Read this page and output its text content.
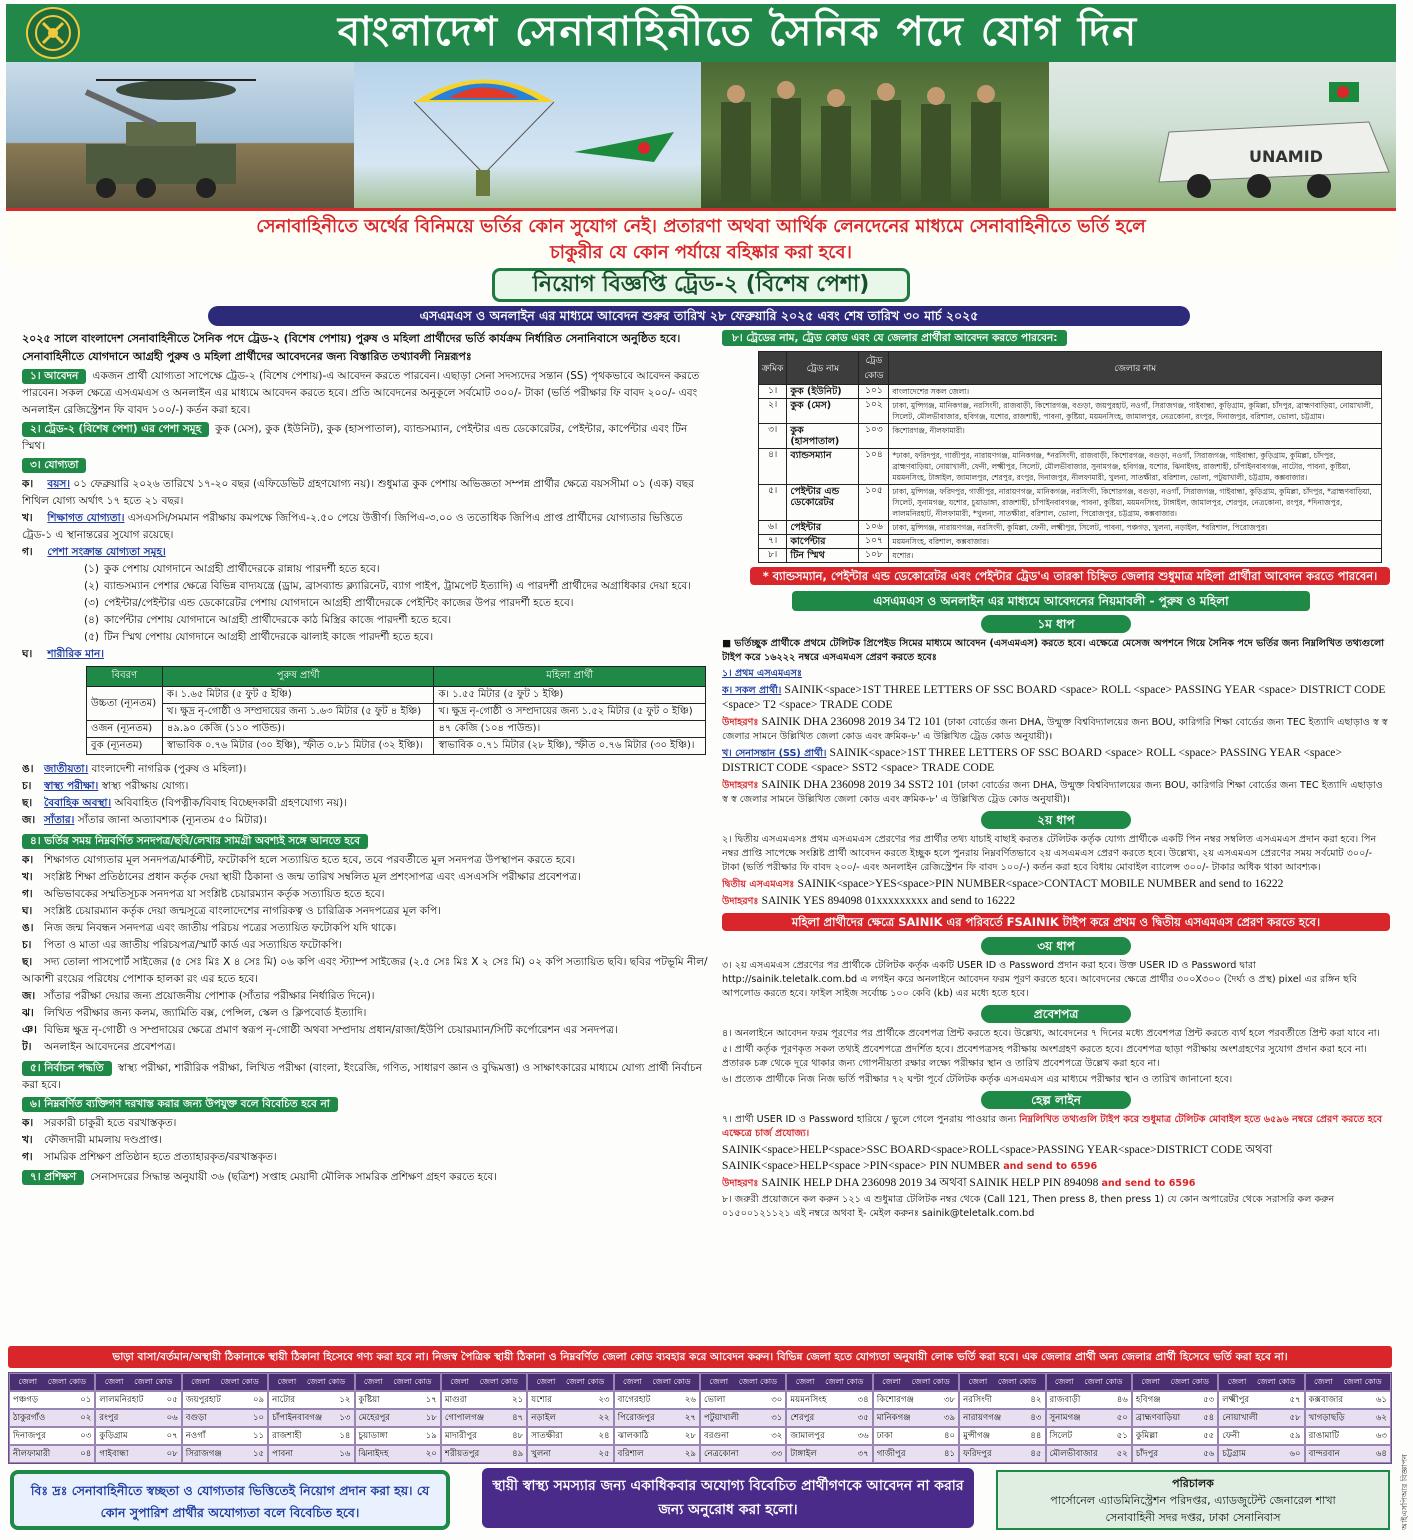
বাংলাদেশ সেনাবাহিনীতে সৈনিক পদে যোগ দিন
UNAMID
সেনাবাহিনীতে অর্থের বিনিময়ে ভর্তির কোন সুযোগ নেই। প্রতারণা অথবা আর্থিক লেনদেনের মাধ্যমে সেনাবাহিনীতে ভর্তি হলে
চাকুরীর যে কোন পর্যায়ে বহিষ্কার করা হবে।
নিয়োগ বিজ্ঞপ্তি ট্রেড-২ (বিশেষ পেশা)
এসএমএস ও অনলাইন এর মাধ্যমে আবেদন শুরুর তারিখ ২৮ ফেব্রুয়ারি ২০২৫ এবং শেষ তারিখ ৩০ মার্চ ২০২৫
২০২৫ সালে বাংলাদেশ সেনাবাহিনীতে সৈনিক পদে ট্রেড-২ (বিশেষ পেশায়) পুরুষ ও মহিলা প্রার্থীদের ভর্তি কার্যক্রম নির্ধারিত সেনানিবাসে অনুষ্ঠিত হবে। সেনাবাহিনীতে যোগদানে আগ্রহী পুরুষ ও মহিলা প্রার্থীদের আবেদনের জন্য বিস্তারিত তথ্যাবলী নিম্নরূপঃ
১। আবেদন একজন প্রার্থী যোগ্যতা সাপেক্ষে ট্রেড-২ (বিশেষ পেশায়)-এ আবেদন করতে পারবেন। এছাড়া সেনা সদস্যদের সন্তান (SS) পৃথকভাবে আবেদন করতে পারবেন। সকল ক্ষেত্রে এসএমএস ও অনলাইন এর মাধ্যমে আবেদন করতে হবে। প্রতি আবেদনের অনুকূলে সর্বমোট ৩০০/- টাকা (ভর্তি পরীক্ষার ফি বাবদ ২০০/- এবং অনলাইন রেজিস্ট্রেশন ফি বাবদ ১০০/-) কর্তন করা হবে।
২। ট্রেড-২ (বিশেষ পেশা) এর পেশা সমূহ কুক (মেস), কুক (ইউনিট), কুক (হাসপাতাল), ব্যান্ডসম্যান, পেইন্টার এন্ড ডেকোরেটর, পেইন্টার, কার্পেন্টার এবং টিন স্মিথ।
৩। যোগ্যতা
ক। বয়স। ০১ ফেব্রুয়ারি ২০২৬ তারিখে ১৭-২০ বছর (এফিডেভিট গ্রহণযোগ্য নয়)। শুধুমাত্র কুক পেশায় অভিজ্ঞতা সম্পন্ন প্রার্থীর ক্ষেত্রে বয়সসীমা ০১ (এক) বছর শিথিল যোগ্য অর্থাৎ ১৭ হতে ২১ বছর।
খ। শিক্ষাগত যোগ্যতা। এসএসসি/সমমান পরীক্ষায় কমপক্ষে জিপিএ-২.৫০ পেয়ে উত্তীর্ণ। জিপিএ-৩.০০ ও ততোধিক জিপিএ প্রাপ্ত প্রার্থীদের যোগ্যতার ভিত্তিতে ট্রেড-১ এ স্থানান্তরের সুযোগ রয়েছে।
গ। পেশা সংক্রান্ত যোগ্যতা সমূহ।
(১) কুক পেশায় যোগদানে আগ্রহী প্রার্থীদেরকে রান্নায় পারদর্শী হতে হবে।
(২) ব্যান্ডসম্যান পেশার ক্ষেত্রে বিভিন্ন বাদ্যযন্ত্রে (ড্রাম, ব্রাসব্যান্ড ক্ল্যারিনেট, ব্যাগ পাইপ, ট্রামপেট ইত্যাদি) এ পারদর্শী প্রার্থীদের অগ্রাধিকার দেয়া হবে।
(৩) পেইন্টার/পেইন্টার এন্ড ডেকোরেটর পেশায় যোগদানে আগ্রহী প্রার্থীদেরকে পেইন্টিং কাজের উপর পারদর্শী হতে হবে।
(৪) কার্পেন্টার পেশায় যোগদানে আগ্রহী প্রার্থীদেরকে কাঠ মিস্ত্রির কাজে পারদর্শী হতে হবে।
(৫) টিন স্মিথ পেশায় যোগদানে আগ্রহী প্রার্থীদেরকে ঝালাই কাজে পারদর্শী হতে হবে।
ঘ। শারীরিক মান।
বিবরণ	পুরুষ প্রার্থী	মহিলা প্রার্থী
উচ্চতা (ন্যূনতম)	ক। ১.৬৫ মিটার (৫ ফুট ৫ ইঞ্চি)	ক। ১.৫৫ মিটার (৫ ফুট ১ ইঞ্চি)
	খ। ক্ষুদ্র নৃ-গোষ্ঠী ও সম্প্রদায়ের জন্য ১.৬৩ মিটার (৫ ফুট ৪ ইঞ্চি)	খ। ক্ষুদ্র নৃ-গোষ্ঠী ও সম্প্রদায়ের জন্য ১.৫২ মিটার (৫ ফুট ০ ইঞ্চি)
ওজন (ন্যূনতম)	৪৯.৯০ কেজি (১১০ পাউন্ড)।	৪৭ কেজি (১০৪ পাউন্ড)।
বুক (ন্যূনতম)	স্বাভাবিক ০.৭৬ মিটার (৩০ ইঞ্চি), স্ফীত ০.৮১ মিটার (৩২ ইঞ্চি)।	স্বাভাবিক ০.৭১ মিটার (২৮ ইঞ্চি), স্ফীত ০.৭৬ মিটার (৩০ ইঞ্চি)।
ঙ। জাতীয়তা। বাংলাদেশী নাগরিক (পুরুষ ও মহিলা)।
চ। স্বাস্থ্য পরীক্ষা। স্বাস্থ্য পরীক্ষায় যোগ্য।
ছ। বৈবাহিক অবস্থা। অবিবাহিত (বিপত্নীক/বিবাহ বিচ্ছেদকারী গ্রহণযোগ্য নয়)।
জ। সাঁতার। সাঁতার জানা অত্যাবশ্যক (ন্যূনতম ৫০ মিটার)।
৪। ভর্তির সময় নিম্নবর্ণিত সনদপত্র/ছবি/লেখার সামগ্রী অবশ্যই সঙ্গে আনতে হবে
ক। শিক্ষাগত যোগ্যতার মূল সনদপত্র/মার্কশীট, ফটোকপি হলে সত্যায়িত হতে হবে, তবে পরবর্তীতে মূল সনদপত্র উপস্থাপন করতে হবে।
খ। সংশ্লিষ্ট শিক্ষা প্রতিষ্ঠানের প্রধান কর্তৃক দেয়া স্থায়ী ঠিকানা ও জন্ম তারিখ সম্বলিত মূল প্রশংসাপত্র এবং এসএসসি পরীক্ষার প্রবেশপত্র।
গ। অভিভাবকের সম্মতিসূচক সনদপত্র যা সংশ্লিষ্ট চেয়ারম্যান কর্তৃক সত্যায়িত হতে হবে।
ঘ। সংশ্লিষ্ট চেয়ারম্যান কর্তৃক দেয়া জন্মসূত্রে বাংলাদেশের নাগরিকত্ব ও চারিত্রিক সনদপত্রের মূল কপি।
ঙ। নিজ জন্ম নিবন্ধন সনদপত্র এবং জাতীয় পরিচয় পত্রের সত্যায়িত ফটোকপি যদি থাকে।
চ। পিতা ও মাতা এর জাতীয় পরিচয়পত্র/স্মার্ট কার্ড এর সত্যায়িত ফটোকপি।
ছ। সদ্য তোলা পাসপোর্ট সাইজের (৫ সেঃ মিঃ X ৪ সেঃ মি) ০৬ কপি এবং স্ট্যাম্প সাইজের (২.৫ সেঃ মিঃ X ২ সেঃ মি) ০২ কপি সত্যায়িত ছবি। ছবির পটভূমি নীল/আকাশী রংয়ের পরিধেয় পোশাক হালকা রং এর হতে হবে।
জ। সাঁতার পরীক্ষা দেয়ার জন্য প্রয়োজনীয় পোশাক (সাঁতার পরীক্ষার নির্ধারিত দিনে)।
ঝ। লিখিত পরীক্ষার জন্য কলম, জ্যামিতি বক্স, পেন্সিল, স্কেল ও ক্লিপবোর্ড ইত্যাদি।
ঞ। বিভিন্ন ক্ষুদ্র নৃ-গোষ্ঠী ও সম্প্রদায়ের ক্ষেত্রে প্রমাণ স্বরূপ নৃ-গোষ্ঠী অথবা সম্প্রদায় প্রধান/রাজা/ইউপি চেয়ারম্যান/সিটি কর্পোরেশন এর সনদপত্র।
ট। অনলাইন আবেদনের প্রবেশপত্র।
৫। নির্বাচন পদ্ধতি স্বাস্থ্য পরীক্ষা, শারীরিক পরীক্ষা, লিখিত পরীক্ষা (বাংলা, ইংরেজি, গণিত, সাধারণ জ্ঞান ও বুদ্ধিমত্তা) ও সাক্ষাৎকারের মাধ্যমে যোগ্য প্রার্থী নির্বাচন করা হবে।
৬। নিম্নবর্ণিত ব্যক্তিগণ দরখাস্ত করার জন্য উপযুক্ত বলে বিবেচিত হবে না
ক। সরকারী চাকুরী হতে বরখাস্তকৃত।
খ। ফৌজদারী মামলায় দণ্ডপ্রাপ্ত।
গ। সামরিক প্রশিক্ষণ প্রতিষ্ঠান হতে প্রত্যাহারকৃত/বরখাস্তকৃত।
৭। প্রশিক্ষণ সেনাসদরের সিদ্ধান্ত অনুযায়ী ৩৬ (ছত্রিশ) সপ্তাহ মেয়াদী মৌলিক সামরিক প্রশিক্ষণ গ্রহণ করতে হবে।
৮। ট্রেডের নাম, ট্রেড কোড এবং যে জেলার প্রার্থীরা আবেদন করতে পারবেন:
ক্রমিক	ট্রেড নাম	ট্রেড কোড	জেলার নাম
১।	কুক (ইউনিট)	১০১	বাংলাদেশের সকল জেলা।
২।	কুক (মেস)	১০২	ঢাকা, মুন্সিগঞ্জ, মানিকগঞ্জ, নরসিংদী, রাজবাড়ী, কিশোরগঞ্জ, বগুড়া, জয়পুরহাট, নওগাঁ, সিরাজগঞ্জ, গাইবান্ধা, কুড়িগ্রাম, কুমিল্লা, চাঁদপুর, ব্রাহ্মণবাড়িয়া, নোয়াখালী, সিলেট, মৌলভীবাজার, হবিগঞ্জ, যশোর, রাজশাহী, পাবনা, কুষ্টিয়া, ময়মনসিংহ, জামালপুর, নেত্রকোনা, রংপুর, দিনাজপুর, বরিশাল, ভোলা, চট্টগ্রাম।
৩।	কুক (হাসপাতাল)	১০৩	কিশোরগঞ্জ, নীলফামারী।
৪।	ব্যান্ডসম্যান	১০৪	*ঢাকা, ফরিদপুর, গাজীপুর, নারায়ণগঞ্জ, মানিকগঞ্জ, *নরসিংদী, রাজবাড়ী, কিশোরগঞ্জ, বগুড়া, নওগাঁ, সিরাজগঞ্জ, গাইবান্ধা, কুড়িগ্রাম, কুমিল্লা, চাঁদপুর, ব্রাহ্মণবাড়িয়া, নোয়াখালী, ফেনী, লক্ষ্মীপুর, সিলেট, মৌলভীবাজার, সুনামগঞ্জ, হবিগঞ্জ, যশোর, ঝিনাইদহ, রাজশাহী, চাঁপাইনবাবগঞ্জ, নাটোর, পাবনা, কুষ্টিয়া, ময়মনসিংহ, টাঙ্গাইল, জামালপুর, শেরপুর, রংপুর, দিনাজপুর, নীলফামারী, খুলনা, সাতক্ষীরা, বরিশাল, ভোলা, পটুয়াখালী, চট্টগ্রাম, কক্সবাজার।
৫।	পেইন্টার এন্ড ডেকোরেটর	১০৫	ঢাকা, মুন্সিগঞ্জ, ফরিদপুর, গাজীপুর, নারায়ণগঞ্জ, মানিকগঞ্জ, নরসিংদী, কিশোরগঞ্জ, বগুড়া, নওগাঁ, সিরাজগঞ্জ, গাইবান্ধা, কুড়িগ্রাম, কুমিল্লা, চাঁদপুর, *ব্রাহ্মণবাড়িয়া, সিলেট, সুনামগঞ্জ, যশোর, চুয়াডাঙ্গা, রাজশাহী, চাঁপাইনবাবগঞ্জ, পাবনা, কুষ্টিয়া, ময়মনসিংহ, টাঙ্গাইল, জামালপুর, শেরপুর, নেত্রকোনা, রংপুর, *দিনাজপুর, লালমনিরহাট, নীলফামারী, *খুলনা, সাতক্ষীরা, বরিশাল, ভোলা, পিরোজপুর, চট্টগ্রাম, কক্সবাজার।
৬।	পেইন্টার	১০৬	ঢাকা, মুন্সিগঞ্জ, নারায়ণগঞ্জ, নরসিংদী, কুমিল্লা, ফেনী, লক্ষ্মীপুর, সিলেট, পাবনা, পঞ্চগড়, খুলনা, নড়াইল, *বরিশাল, পিরোজপুর।
৭।	কার্পেন্টার	১০৭	ময়মনসিংহ, বরিশাল, কক্সবাজার।
৮।	টিন স্মিথ	১০৮	যশোর।
* ব্যান্ডসম্যান, পেইন্টার এন্ড ডেকোরেটর এবং পেইন্টার ট্রেড'এ তারকা চিহ্নিত জেলার শুধুমাত্র মহিলা প্রার্থীরা আবেদন করতে পারবেন।
এসএমএস ও অনলাইন এর মাধ্যমে আবেদনের নিয়মাবলী - পুরুষ ও মহিলা
১ম ধাপ
■ ভর্তিচ্ছুক প্রার্থীকে প্রথমে টেলিটক প্রিপেইড সিমের মাধ্যমে আবেদন (এসএমএস) করতে হবে। এক্ষেত্রে মেসেজ অপশনে গিয়ে সৈনিক পদে ভর্তির জন্য নিম্নলিখিত তথ্যগুলো টাইপ করে ১৬২২২ নম্বরে এসএমএস প্রেরণ করতে হবেঃ
১। প্রথম এসএমএসঃ
ক। সকল প্রার্থী। SAINIK<space>1ST THREE LETTERS OF SSC BOARD <space> ROLL <space> PASSING YEAR <space> DISTRICT CODE <space> T2 <space> TRADE CODE
উদাহরণঃ SAINIK DHA 236098 2019 34 T2 101 (ঢাকা বোর্ডের জন্য DHA, উন্মুক্ত বিশ্ববিদ্যালয়ের জন্য BOU, কারিগরি শিক্ষা বোর্ডের জন্য TEC ইত্যাদি এছাড়াও স্ব স্ব জেলার সামনে উল্লিখিত জেলা কোড এবং ক্রমিক-৮' এ উল্লিখিত ট্রেড কোড অনুযায়ী)।
খ। সেনাসন্তান (SS) প্রার্থী। SAINIK<space>1ST THREE LETTERS OF SSC BOARD <space> ROLL <space> PASSING YEAR <space> DISTRICT CODE <space> SST2 <space> TRADE CODE
উদাহরণঃ SAINIK DHA 236098 2019 34 SST2 101 (ঢাকা বোর্ডের জন্য DHA, উন্মুক্ত বিশ্ববিদ্যালয়ের জন্য BOU, কারিগরি শিক্ষা বোর্ডের জন্য TEC ইত্যাদি এছাড়াও স্ব স্ব জেলার সামনে উল্লিখিত জেলা কোড এবং ক্রমিক-৮' এ উল্লিখিত ট্রেড কোড অনুযায়ী)।
২য় ধাপ
২। দ্বিতীয় এসএমএসঃ প্রথম এসএমএস প্রেরণের পর প্রার্থীর তথ্য যাচাই বাছাই করতঃ টেলিটক কর্তৃক যোগ্য প্রার্থীকে একটি পিন নম্বর সম্বলিত এসএমএস প্রদান করা হবে। পিন নম্বর প্রাপ্তি সাপেক্ষে সংশ্লিষ্ট প্রার্থী আবেদন করতে ইচ্ছুক হলে পুনরায় নিম্নবর্ণিতভাবে ২য় এসএমএস প্রেরণ করতে হবে। উল্লেখ্য, ২য় এসএমএস প্রেরণের সময় সর্বমোট ৩০০/- টাকা (ভর্তি পরীক্ষার ফি বাবদ ২০০/- এবং অনলাইন রেজিস্ট্রেশন ফি বাবদ ১০০/-) কর্তন করা হবে বিধায় মোবাইল ব্যালেন্স ৩০০/- টাকার অধিক থাকা আবশ্যক।
দ্বিতীয় এসএমএসঃ SAINIK<space>YES<space>PIN NUMBER<space>CONTACT MOBILE NUMBER and send to 16222
উদাহরণঃ SAINIK YES 894098 01xxxxxxxxx and send to 16222
মহিলা প্রার্থীদের ক্ষেত্রে SAINIK এর পরিবর্তে FSAINIK টাইপ করে প্রথম ও দ্বিতীয় এসএমএস প্রেরণ করতে হবে।
৩য় ধাপ
৩। ২য় এসএমএস প্রেরণের পর প্রার্থীকে টেলিটক কর্তৃক একটি USER ID ও Password প্রদান করা হবে। উক্ত USER ID ও Password দ্বারা http://sainik.teletalk.com.bd এ লগইন করে অনলাইনে আবেদন ফরম পূরণ করতে হবে। আবেদনের ক্ষেত্রে প্রার্থীর ৩০০X৩০০ (দৈর্ঘ্য ও প্রস্থ) pixel এর রঙ্গিন ছবি আপলোড করতে হবে। ফাইল সাইজ সর্বোচ্চ ১০০ কেবি (kb) এর মধ্যে হতে হবে।
প্রবেশপত্র
৪। অনলাইনে আবেদন ফরম পূরণের পর প্রার্থীকে প্রবেশপত্র প্রিন্ট করতে হবে। উল্লেখ্য, আবেদনের ৭ দিনের মধ্যে প্রবেশপত্র প্রিন্ট করতে ব্যর্থ হলে পরবর্তীতে প্রিন্ট করা যাবে না।
৫। প্রার্থী কর্তৃক পূরণকৃত সকল তথ্যই প্রবেশপত্রে প্রদর্শিত হবে। প্রবেশপত্রসহ পরীক্ষায় অংশগ্রহণ করতে হবে। প্রবেশপত্র ছাড়া পরীক্ষায় অংশগ্রহণের সুযোগ প্রদান করা হবে না। প্রতারক চক্র থেকে দূরে থাকার জন্য গোপনীয়তা রক্ষার লক্ষ্যে পরীক্ষার স্থান ও তারিখ প্রবেশপত্রে উল্লেখ করা হবে না।
৬। প্রত্যেক প্রার্থীকে নিজ নিজ ভর্তি পরীক্ষার ৭২ ঘণ্টা পূর্বে টেলিটক কর্তৃক এসএমএস এর মাধ্যমে পরীক্ষার স্থান ও তারিখ জানানো হবে।
হেল্প লাইন
৭। প্রার্থী USER ID ও Password হারিয়ে / ভুলে গেলে পুনরায় পাওয়ার জন্য নিম্নলিখিত তথ্যগুলি টাইপ করে শুধুমাত্র টেলিটক মোবাইল হতে ৬৫৯৬ নম্বরে প্রেরণ করতে হবে এক্ষেত্রে চার্জ প্রযোজ্য।
SAINIK<space>HELP<space>SSC BOARD<space>ROLL<space>PASSING YEAR<space>DISTRICT CODE অথবা
SAINIK<space>HELP<space >PIN<space> PIN NUMBER and send to 6596
উদাহরণঃ SAINIK HELP DHA 236098 2019 34 অথবা SAINIK HELP PIN 894098 and send to 6596
৮। জরুরী প্রয়োজনে কল করুন ১২১ এ শুধুমাত্র টেলিটক নম্বর থেকে (Call 121, Then press 8, then press 1) যে কোন অপারেটর থেকে সরাসরি কল করুন ০১৫০০১২১১২১ এই নম্বরে অথবা ই- মেইল করুনঃ sainik@teletalk.com.bd
ভাড়া বাসা/বর্তমান/অস্থায়ী ঠিকানাকে স্থায়ী ঠিকানা হিসেবে গণ্য করা হবে না। নিজস্ব পৈত্রিক স্থায়ী ঠিকানা ও নিম্নবর্ণিত জেলা কোড ব্যবহার করে আবেদন করুন। বিভিন্ন জেলা হতে যোগ্যতা অনুযায়ী লোক ভর্তি করা হবে। এক জেলার প্রার্থী অন্য জেলার প্রার্থী হিসেবে ভর্তি করা হবে না।
জেলা জেলা কোড জেলা জেলা কোড জেলা জেলা কোড জেলা জেলা কোড জেলা জেলা কোড জেলা জেলা কোড জেলা জেলা কোড জেলা জেলা কোড জেলা জেলা কোড জেলা জেলা কোড জেলা জেলা কোড জেলা জেলা কোড জেলা জেলা কোড জেলা জেলা কোড জেলা জেলা কোড জেলা জেলা কোড
পঞ্চগড়	০১ লালমনিরহাট	০৫ জয়পুরহাট	০৯ নাটোর	১২ কুষ্টিয়া	১৭ মাগুরা	২১ যশোর	২৩ বাগেরহাট	২৬ ভোলা	৩০ ময়মনসিংহ	৩৪ কিশোরগঞ্জ	৩৮ নরসিংদী	৪২ রাজবাড়ী	৪৬ হবিগঞ্জ	৫৩ লক্ষ্মীপুর	৫৭ কক্সবাজার	৬১
ঠাকুরগাঁও	০২ রংপুর	০৬ বগুড়া	১০ চাঁপাইনবাবগঞ্জ ১৩ মেহেরপুর	১৮ গোপালগঞ্জ	৪৭ নড়াইল	২২ পিরোজপুর	২৭ পটুয়াখালী	৩১ শেরপুর	৩৫ মানিকগঞ্জ	৩৯ নারায়ণগঞ্জ	৪৩ সুনামগঞ্জ	৫০ ব্রাহ্মণবাড়িয়া	৫৪ নোয়াখালী	৫৮ খাগড়াছড়ি	৬২
দিনাজপুর	০৩ কুড়িগ্রাম	০৭ নওগাঁ	১১ রাজশাহী	১৪ চুয়াডাঙ্গা	১৯ মাদারীপুর	৪৮ সাতক্ষীরা	২৪ ঝালকাঠি	২৮ বরগুনা	৩২ জামালপুর	৩৬ ঢাকা	৪০ মুন্সীগঞ্জ	৪৪ সিলেট	৫১ কুমিল্লা	৫৫ ফেনী	৫৯ রাঙামাটি	৬৩
নীলফামারী	০৪ গাইবান্ধা	০৮ সিরাজগঞ্জ	১৫ পাবনা	১৬ ঝিনাইদহ	২০ শরীয়তপুর	৪৯ খুলনা	২৫ বরিশাল	২৯ নেত্রকোনা	৩৩ টাঙ্গাইল	৩৭ গাজীপুর	৪১ ফরিদপুর	৪৫ মৌলভীবাজার ৫২ চাঁদপুর	৫৬ চট্টগ্রাম	৬০ বান্দরবান	৬৪
বিঃ দ্রঃ সেনাবাহিনীতে স্বচ্ছতা ও যোগ্যতার ভিত্তিতেই নিয়োগ প্রদান করা হয়। যে কোন সুপারিশ প্রার্থীর অযোগ্যতা বলে বিবেচিত হবে।
স্থায়ী স্বাস্থ্য সমস্যার জন্য একাধিকবার অযোগ্য বিবেচিত প্রার্থীগণকে আবেদন না করার জন্য অনুরোধ করা হলো।
পরিচালক
পার্সোনেল এ্যাডমিনিস্ট্রেশন পরিদপ্তর, এ্যাডজুটেন্ট জেনারেল শাখা
সেনাবাহিনী সদর দপ্তর, ঢাকা সেনানিবাস	আইএসপিআর বিজ্ঞাপন
